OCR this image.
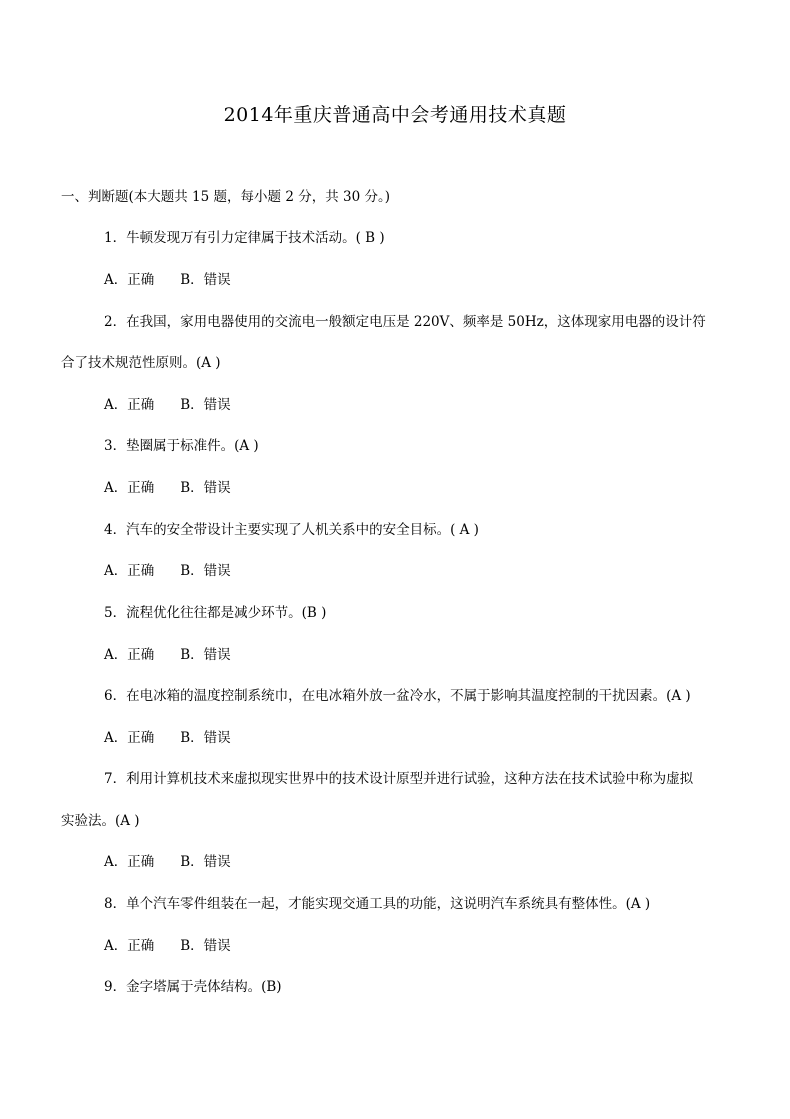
2014年重庆普通高中会考通用技术真题
一、判断题(本大题共 15 题，每小题 2 分，共 30 分。)
1．牛顿发现万有引力定律属于技术活动。( B )
A．正确 B．错误
2．在我国，家用电器使用的交流电一般额定电压是 220V、频率是 50Hz，这体现家用电器的设计符
合了技术规范性原则。(A )
A．正确 B．错误
3．垫圈属于标准件。(A )
A．正确 B．错误
4．汽车的安全带设计主要实现了人机关系中的安全目标。( A )
A．正确 B．错误
5．流程优化往往都是减少环节。(B )
A．正确 B．错误
6．在电冰箱的温度控制系统巾，在电冰箱外放一盆冷水，不属于影响其温度控制的干扰因素。(A )
A．正确 B．错误
7．利用计算机技术来虚拟现实世界中的技术设计原型并进行试验，这种方法在技术试验中称为虚拟
实验法。(A )
A．正确 B．错误
8．单个汽车零件组装在一起，才能实现交通工具的功能，这说明汽车系统具有整体性。(A )
A．正确 B．错误
9．金字塔属于壳体结构。(B)
